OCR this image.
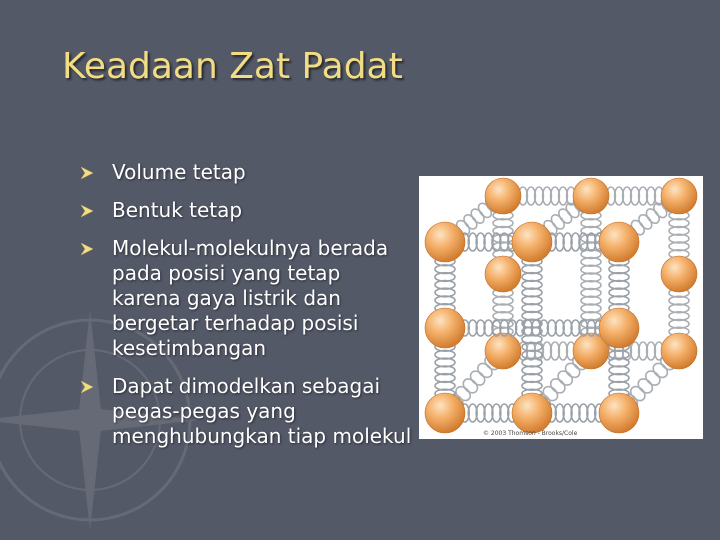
Keadaan Zat Padat
Volume tetap
Bentuk tetap
Molekul-molekulnya berada pada posisi yang tetap karena gaya listrik dan bergetar terhadap posisi kesetimbangan
Dapat dimodelkan sebagai pegas-pegas yang menghubungkan tiap molekul	© 2003 Thomson - Brooks/Cole
